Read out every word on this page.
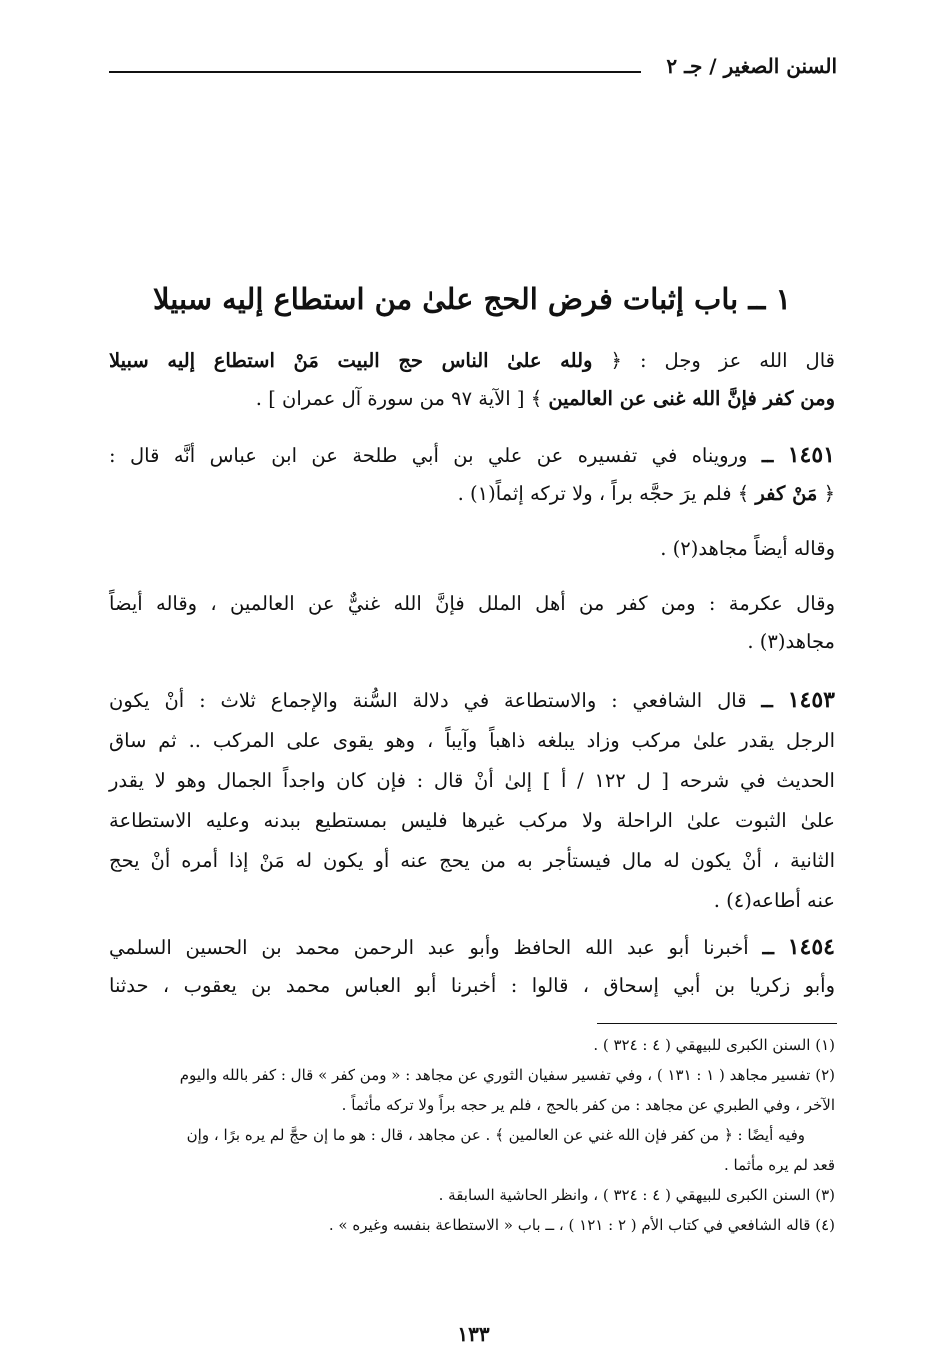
السنن الصغير / جـ ٢
١ ــ باب إثبات فرض الحج علىٰ من استطاع إليه سبيلا
قال الله عز وجل : ﴿ ولله علىٰ الناس حج البيت مَنْ استطاع إليه سبيلا
ومن كفر فإنَّ الله غنى عن العالمين ﴾ [ الآية ٩٧ من سورة آل عمران ] .
١٤٥١ ــ ورويناه في تفسيره عن علي بن أبي طلحة عن ابن عباس أنَّه قال :
﴿ مَنْ كفر ﴾ فلم يرَ حجَّه براً ، ولا تركه إثماً(١) .
وقاله أيضاً مجاهد(٢) .
وقال عكرمة : ومن كفر من أهل الملل فإنَّ الله غنيٌّ عن العالمين ، وقاله أيضاً
مجاهد(٣) .
١٤٥٣ ــ قال الشافعي : والاستطاعة في دلالة السُّنة والإجماع ثلاث : أنْ يكون
الرجل يقدر علىٰ مركب وزاد يبلغه ذاهباً وآيباً ، وهو يقوى على المركب .. ثم ساق
الحديث في شرحه [ ل ١٢٢ / أ ] إلىٰ أنْ قال : فإن كان واجداً الجمال وهو لا يقدر
علىٰ الثبوت علىٰ الراحلة ولا مركب غيرها فليس بمستطيع ببدنه وعليه الاستطاعة
الثانية ، أنْ يكون له مال فيستأجر به من يحج عنه أو يكون له مَنْ إذا أمره أنْ يحج
عنه أطاعه(٤) .
١٤٥٤ ــ أخبرنا أبو عبد الله الحافظ وأبو عبد الرحمن محمد بن الحسين السلمي
وأبو زكريا بن أبي إسحاق ، قالوا : أخبرنا أبو العباس محمد بن يعقوب ، حدثنا
(١) السنن الكبرى للبيهقي ( ٤ : ٣٢٤ ) .
(٢) تفسير مجاهد ( ١ : ١٣١ ) ، وفي تفسير سفيان الثوري عن مجاهد : « ومن كفر » قال : كفر بالله واليوم
الآخر ، وفي الطبري عن مجاهد : من كفر بالحج ، فلم ير حجه براً ولا تركه مأثماً .
وفيه أيضًا : ﴿ من كفر فإن الله غني عن العالمين ﴾ . عن مجاهد ، قال : هو ما إن حجَّ لم يره برًا ، وإن
قعد لم يره مأثما .
(٣) السنن الكبرى للبيهقي ( ٤ : ٣٢٤ ) ، وانظر الحاشية السابقة .
(٤) قاله الشافعي في كتاب الأم ( ٢ : ١٢١ ) ، ــ باب « الاستطاعة بنفسه وغيره » .
١٣٣
